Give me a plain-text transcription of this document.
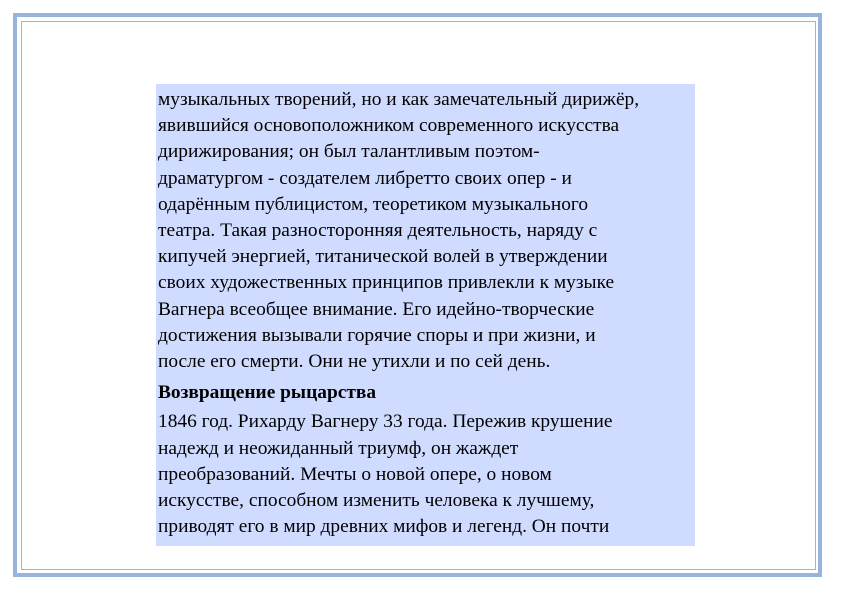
музыкальных творений, но и как замечательный дирижёр,
явившийся основоположником современного искусства
дирижирования; он был талантливым поэтом-
драматургом - создателем либретто своих опер - и
одарённым публицистом, теоретиком музыкального
театра. Такая разносторонняя деятельность, наряду с
кипучей энергией, титанической волей в утверждении
своих художественных принципов привлекли к музыке
Вагнера всеобщее внимание. Его идейно-творческие
достижения вызывали горячие споры и при жизни, и
после его смерти. Они не утихли и по сей день.

Возвращение рыцарства

1846 год. Рихарду Вагнеру 33 года. Пережив крушение
надежд и неожиданный триумф, он жаждет
преобразований. Мечты о новой опере, о новом
искусстве, способном изменить человека к лучшему,
приводят его в мир древних мифов и легенд. Он почти
